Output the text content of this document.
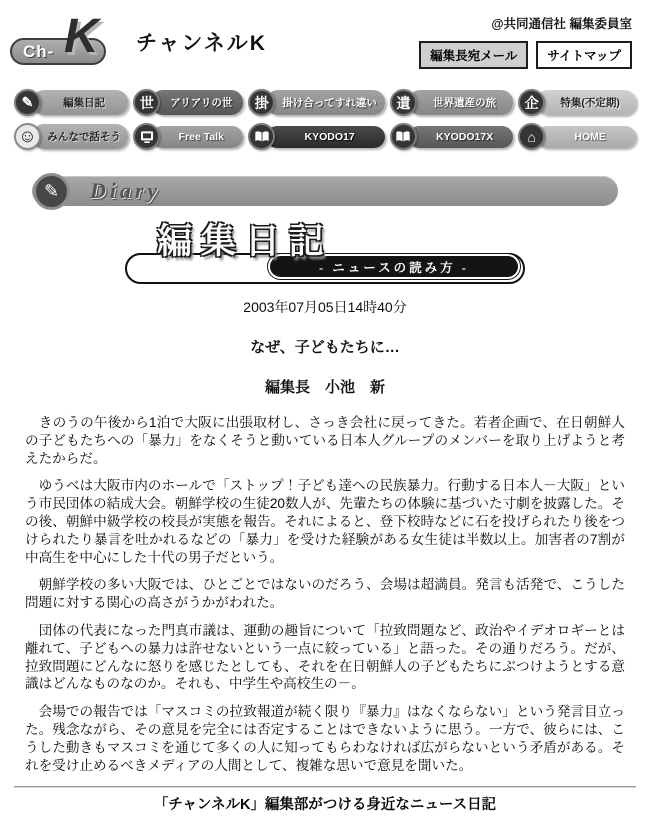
K
Ch-	チャンネルK
@共同通信社 編集委員室
編集長宛メール	サイトマップ
✎	編集日記	世	アリアリの世	掛	掛け合ってすれ違い	遺	世界遺産の旅	企	特集(不定期)
☺	みんなで話そう	Free Talk	KYODO17	KYODO17X	⌂	HOME
✎	Diary
- ニュースの読み方 -
編集日記
2003年07月05日14時40分
なぜ、子どもたちに…
編集長　小池　新

　きのうの午後から1泊で大阪に出張取材し、さっき会社に戻ってきた。若者企画で、在日朝鮮人の子どもたちへの「暴力」をなくそうと動いている日本人グループのメンバーを取り上げようと考えたからだ。

　ゆうべは大阪市内のホールで「ストップ！子ども達への民族暴力。行動する日本人－大阪」という市民団体の結成大会。朝鮮学校の生徒20数人が、先輩たちの体験に基づいた寸劇を披露した。その後、朝鮮中級学校の校長が実態を報告。それによると、登下校時などに石を投げられたり後をつけられたり暴言を吐かれるなどの「暴力」を受けた経験がある女生徒は半数以上。加害者の7割が中高生を中心にした十代の男子だという。

　朝鮮学校の多い大阪では、ひとごとではないのだろう、会場は超満員。発言も活発で、こうした問題に対する関心の高さがうかがわれた。

　団体の代表になった門真市議は、運動の趣旨について「拉致問題など、政治やイデオロギーとは離れて、子どもへの暴力は許せないという一点に絞っている」と語った。その通りだろう。だが、拉致問題にどんなに怒りを感じたとしても、それを在日朝鮮人の子どもたちにぶつけようとする意識はどんなものなのか。それも、中学生や高校生の－。

　会場での報告では「マスコミの拉致報道が続く限り『暴力』はなくならない」という発言目立った。残念ながら、その意見を完全には否定することはできないように思う。一方で、彼らには、こうした動きもマスコミを通じて多くの人に知ってもらわなければ広がらないという矛盾がある。それを受け止めるべきメディアの人間として、複雑な思いで意見を聞いた。

「チャンネルK」編集部がつける身近なニュース日記
